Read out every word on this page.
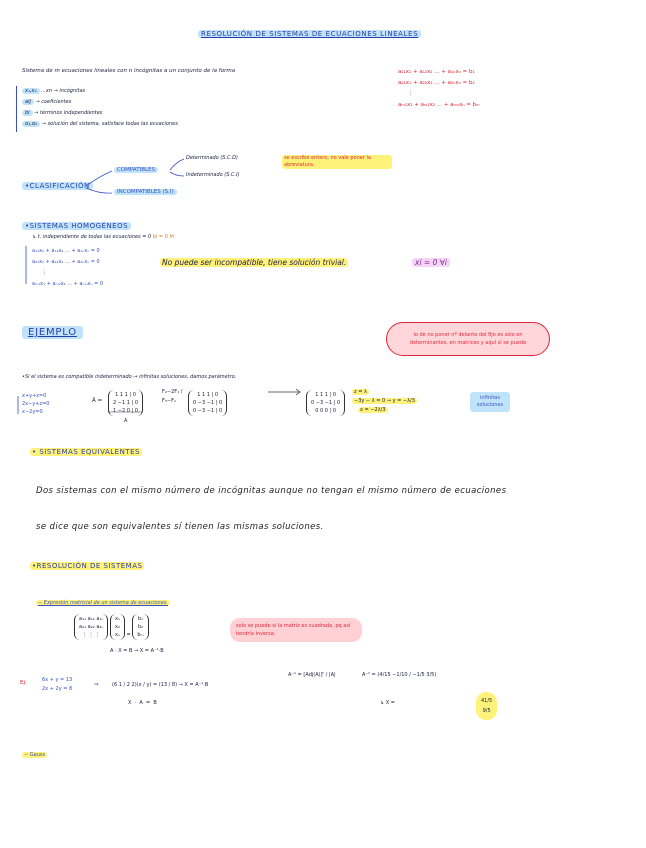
RESOLUCIÓN DE SISTEMAS DE ECUACIONES LINEALES
Sistema de m ecuaciones lineales con n incógnitas a un conjunto de la forma	a₁₁x₁ + a₁₂x₂ ... + a₁ₙxₙ = b₁
a₂₁x₁ + a₂₂x₂ ... + a₂ₙxₙ = b₂
⋮
aₘ₁x₁ + aₘ₂x₂ ... + aₘₙxₙ = bₘ
x₁,x₂ ...xn → incógnitas
aij → coeficientes
bi → términos independientes
α₁,α₂ → solución del sistema, satisface todas las ecuaciones
•CLASIFICACIÓN
COMPATIBLES
INCOMPATIBLES (S.I)
Determinado (S.C.D)
Indeterminado (S.C.I)
se escribe entero, no vale poner la abreviatura.
•SISTEMAS HOMOGÉNEOS
↳ t. independiente de todas las ecuaciones = 0 bi = 0 ∀i
a₁₁x₁ + a₁₂x₂ ... + a₁ₙxₙ = 0
a₂₁x₁ + a₂₂x₂ ... + a₂ₙxₙ = 0
⋮
aₘ₁x₁ + aₘ₂x₂ ... + aₘₙxₙ = 0
No puede ser incompatible, tiene solución trivial.	xi = 0 ∀i
EJEMPLO	lo de no poner nº delante del fijo es solo en determinantes, en matrices y aquí sí se puede
•Si el sistema es compatible indeterminado → infinitas soluciones, damos parámetro.
x+y+z=0
2x−y+z=0
x−2y=0
Ā =
1 1 1 | 0
2 −1 1 | 0
1 −2 0 | 0
A
F₂−2F₁ / F₃−F₁
1 1 1 | 0
0 −3 −1 | 0
0 −3 −1 | 0
1 1 1 | 0
0 −3 −1 | 0
0 0 0 | 0
z = λ
−3y − λ = 0 → y = −λ/3
x = −2λ/3
infinitas soluciones
• SISTEMAS EQUIVALENTES
Dos sistemas con el mismo número de incógnitas aunque no tengan el mismo número de ecuaciones
se dice que son equivalentes sí tienen las mismas soluciones.
•RESOLUCIÓN DE SISTEMAS
− Expresión matricial de un sistema de ecuaciones.
a₁₁ a₁₂ a₁ₙ
a₂₁ a₂₂ a₂ₙ
⋮ ⋮ ⋮

x₁
x₂
xₙ =
b₁
b₂
bₘ
A · X = B → X = A⁻¹·B
solo se puede si la matriz es cuadrada, pq así tendría inversa.
Ej:	6x + y = 13
2x + 2y = 8
⇒	(6 1 / 2 2)(x / y) = (13 / 8) → X = A⁻¹·B
X  ·  A  =  B
A⁻¹ = [Adj(A)]ᵗ / |A|	A⁻¹ = (4/15 −1/10 / −1/5 3/5)
↳ X =	41/5
9/5
− Gauss
